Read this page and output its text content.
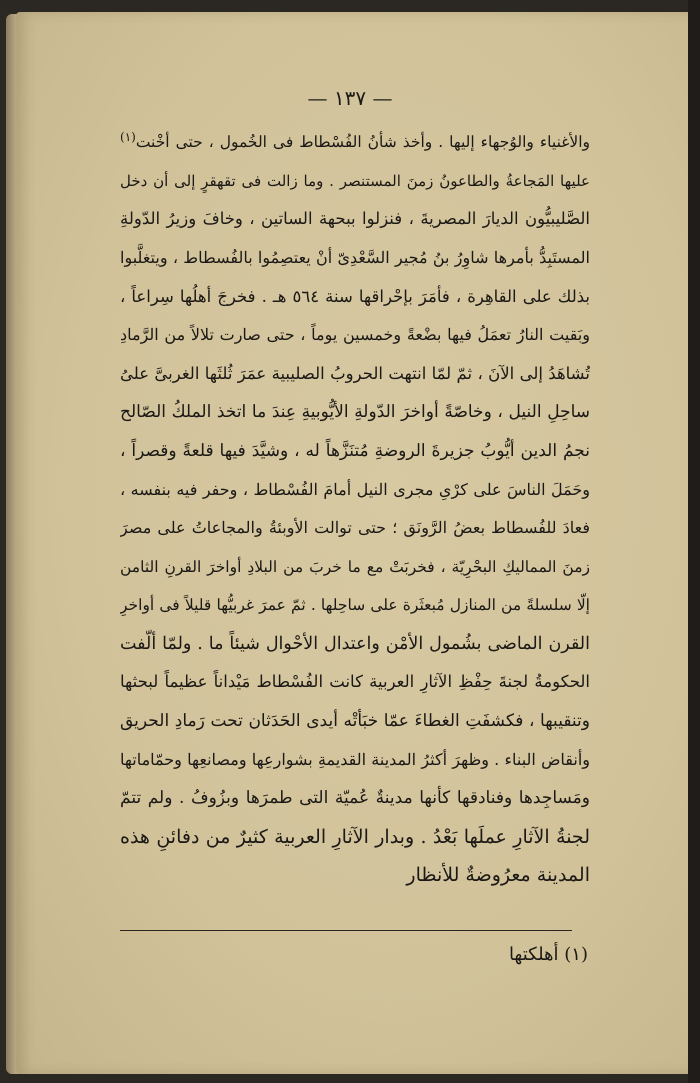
— ١٣٧ —
والأغنياء والوُجهاء إليها . وأخذ شأنُ الفُسْطاط فى الخُمول ، حتى أخْنت$^{(١)}$
عليها المَجاعةُ والطاعونُ زمنَ المستنصر . وما زالت فى تقهقرٍ إلى أن دخل
الصَّليبيُّون الديارَ المصريةَ ، فنزلوا ببحهة الساتين ، وخافَ وزيرُ الدّولةِ
المستَبِدُّ بأمرها شاوِرُ بنُ مُجير السَّعْدِىّ أنْ يعتصِمُوا بالفُسطاط ، ويتغلَّبوا
بذلك على القاهِرة ، فأمَرَ بإحْراقها سنة ٥٦٤ هـ . فخرجَ أهلُها سِراعاً ،
وبَقيت النارُ تعمَلُ فيها بضْعةً وخمسين يوماً ، حتى صارت تلالاً من الرَّمادِ
تُشاهَدُ إلى الآنَ ، ثمّ لمّا انتهت الحروبُ الصليبية عمَرَ ثُلثَها الغربىَّ علىُ
ساحِلِ النيل ، وخاصّةً أواخرَ الدّولةِ الأيُّوبيةِ عِندَ ما اتخذ الملكُ الصّالح
نجمُ الدين أيُّوبُ جزيرةَ الروضةِ مُتنَزَّهاً له ، وشيَّدَ فيها قلعةً وقصراً ،
وحَمَلَ الناسَ على كرْىِ مجرى النيل أمامَ الفُسْطاط ، وحفر فيه بنفسه ،
فعادَ للفُسطاط بعضُ الرَّونَق ؛ حتى توالت الأوبئةُ والمجاعاتُ على مصرَ
زمنَ المماليكِ البحْرِيّة ، فخربَتْ مع ما خربَ من البلادِ أواخرَ القرنِ الثامن
إلّا سلسلةً من المنازل مُبعثَرة على ساحِلها . ثمّ عمرَ غربيُّها قليلاً فى أواخرِ
القرن الماضى بشُمول الأمْن واعتدال الأحْوال شيئاً ما . ولمّا ألّفت
الحكومةُ لجنةَ حِفْظِ الآثارِ العربية كانت الفُسْطاط مَيْداناً عظيماً لبحثها
وتنقيبها ، فكشفَتِ الغطاءَ عمّا خبَأتْه أيدى الحَدَثان تحت رَمادِ الحريق
وأنقاض البناء . وظهرَ أكثرُ المدينة القديمةِ بشوارعِها ومصانعِها وحمّاماتها
ومَساجِدها وفنادقها كأنها مدينةٌ عُميّة التى طمرَها وبزُوفُ . ولم تتمّ
لجنةُ الآثارِ عملَها بَعْدُ . وبدار الآثارِ العربية كثيرٌ من دفائنِ هذه
المدينة معرُوضةٌ للأنظار
(١) أهلكتها
